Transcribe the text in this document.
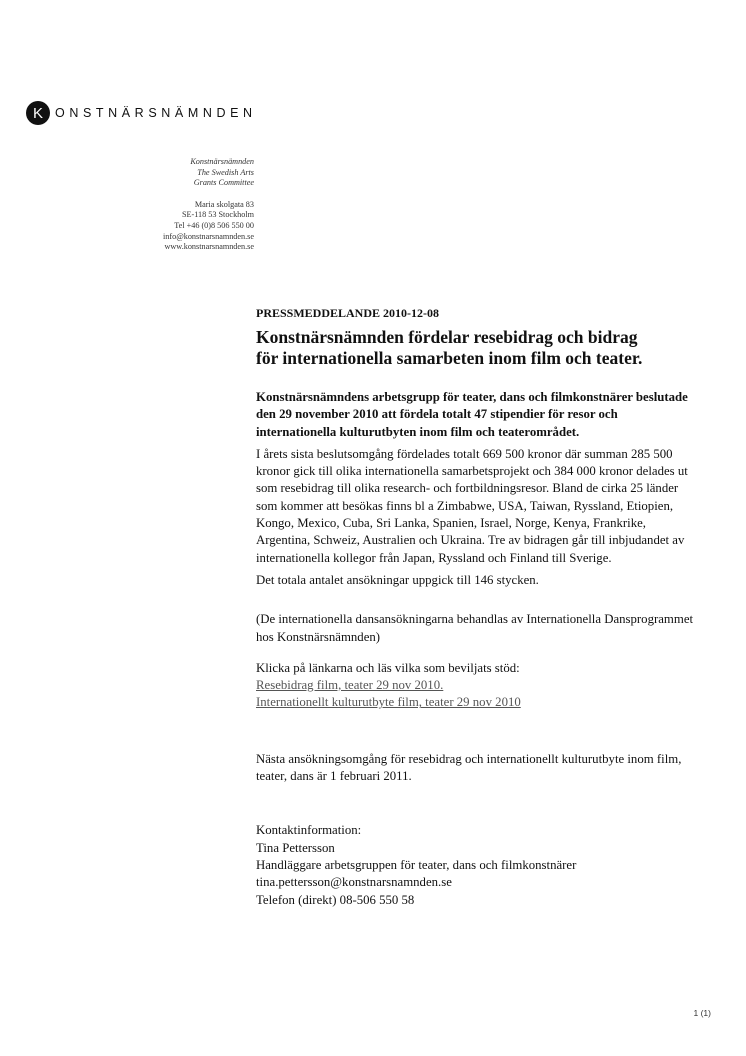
K ONSTNÄRSNÄMNDEN
Konstnärsnämnden
The Swedish Arts
Grants Committee
Maria skolgata 83
SE-118 53 Stockholm
Tel +46 (0)8 506 550 00
info@konstnarsnamnden.se
www.konstnarsnamnden.se

PRESSMEDDELANDE 2010-12-08

Konstnärsnämnden fördelar resebidrag och bidrag
för internationella samarbeten inom film och teater.

Konstnärsnämndens arbetsgrupp för teater, dans och filmkonstnärer beslutade den 29 november 2010 att fördela totalt 47 stipendier för resor och internationella kulturutbyten inom film och teaterområdet.

I årets sista beslutsomgång fördelades totalt 669 500 kronor där summan 285 500 kronor gick till olika internationella samarbetsprojekt och 384 000 kronor delades ut som resebidrag till olika research- och fortbildningsresor. Bland de cirka 25 länder som kommer att besökas finns bl a Zimbabwe, USA, Taiwan, Ryssland, Etiopien, Kongo, Mexico, Cuba, Sri Lanka, Spanien, Israel, Norge, Kenya, Frankrike, Argentina, Schweiz, Australien och Ukraina. Tre av bidragen går till inbjudandet av internationella kollegor från Japan, Ryssland och Finland till Sverige.

Det totala antalet ansökningar uppgick till 146 stycken.

(De internationella dansansökningarna behandlas av Internationella Dansprogrammet hos Konstnärsnämnden)

Klicka på länkarna och läs vilka som beviljats stöd:
Resebidrag film, teater 29 nov 2010.
Internationellt kulturutbyte film, teater 29 nov 2010

Nästa ansökningsomgång för resebidrag och internationellt kulturutbyte inom film, teater, dans är 1 februari 2011.

Kontaktinformation:
Tina Pettersson
Handläggare arbetsgruppen för teater, dans och filmkonstnärer
tina.pettersson@konstnarsnamnden.se
Telefon (direkt) 08-506 550 58
1 (1)
